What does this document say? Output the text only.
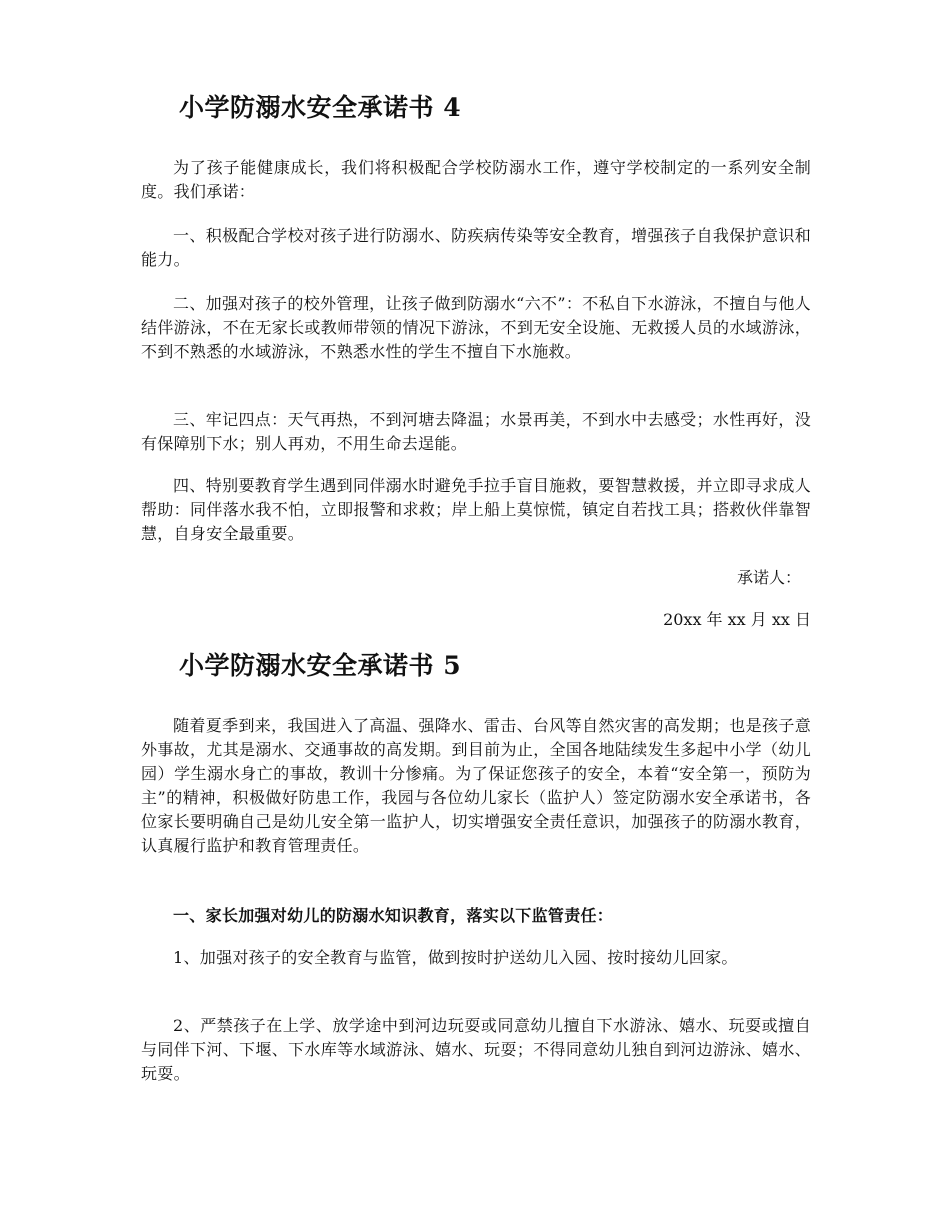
小学防溺水安全承诺书 4

为了孩子能健康成长，我们将积极配合学校防溺水工作，遵守学校制定的一系列安全制度。我们承诺：

一、积极配合学校对孩子进行防溺水、防疾病传染等安全教育，增强孩子自我保护意识和能力。

二、加强对孩子的校外管理，让孩子做到防溺水“六不”：不私自下水游泳，不擅自与他人结伴游泳，不在无家长或教师带领的情况下游泳，不到无安全设施、无救援人员的水域游泳，不到不熟悉的水域游泳，不熟悉水性的学生不擅自下水施救。

三、牢记四点：天气再热，不到河塘去降温；水景再美，不到水中去感受；水性再好，没有保障别下水；别人再劝，不用生命去逞能。

四、特别要教育学生遇到同伴溺水时避免手拉手盲目施救，要智慧救援，并立即寻求成人帮助：同伴落水我不怕，立即报警和求救；岸上船上莫惊慌，镇定自若找工具；搭救伙伴靠智慧，自身安全最重要。

承诺人：

20xx 年 xx 月 xx 日

小学防溺水安全承诺书 5

随着夏季到来，我国进入了高温、强降水、雷击、台风等自然灾害的高发期；也是孩子意外事故，尤其是溺水、交通事故的高发期。到目前为止，全国各地陆续发生多起中小学（幼儿园）学生溺水身亡的事故，教训十分惨痛。为了保证您孩子的安全，本着“安全第一，预防为主”的精神，积极做好防患工作，我园与各位幼儿家长（监护人）签定防溺水安全承诺书，各位家长要明确自己是幼儿安全第一监护人，切实增强安全责任意识，加强孩子的防溺水教育，认真履行监护和教育管理责任。

一、家长加强对幼儿的防溺水知识教育，落实以下监管责任：

1、加强对孩子的安全教育与监管，做到按时护送幼儿入园、按时接幼儿回家。

2、严禁孩子在上学、放学途中到河边玩耍或同意幼儿擅自下水游泳、嬉水、玩耍或擅自与同伴下河、下堰、下水库等水域游泳、嬉水、玩耍；不得同意幼儿独自到河边游泳、嬉水、玩耍。
